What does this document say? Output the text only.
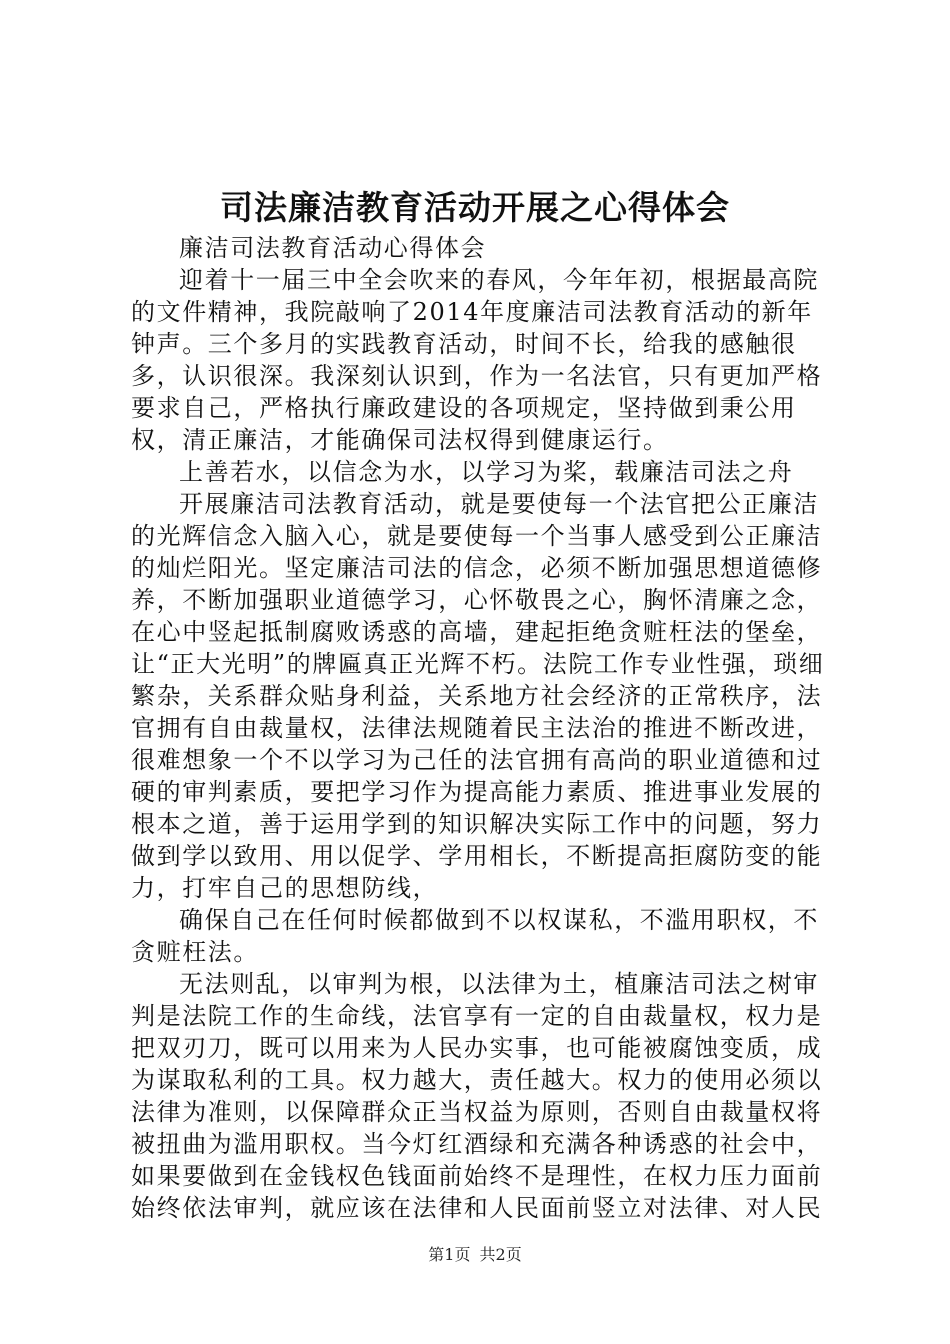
司法廉洁教育活动开展之心得体会

廉洁司法教育活动心得体会

迎着十一届三中全会吹来的春风，今年年初，根据最高院的文件精神，我院敲响了2014年度廉洁司法教育活动的新年钟声。三个多月的实践教育活动，时间不长，给我的感触很多，认识很深。我深刻认识到，作为一名法官，只有更加严格要求自己，严格执行廉政建设的各项规定，坚持做到秉公用权，清正廉洁，才能确保司法权得到健康运行。

上善若水，以信念为水，以学习为桨，载廉洁司法之舟

开展廉洁司法教育活动，就是要使每一个法官把公正廉洁的光辉信念入脑入心，就是要使每一个当事人感受到公正廉洁的灿烂阳光。坚定廉洁司法的信念，必须不断加强思想道德修养，不断加强职业道德学习，心怀敬畏之心，胸怀清廉之念，在心中竖起抵制腐败诱惑的高墙，建起拒绝贪赃枉法的堡垒，让“正大光明”的牌匾真正光辉不朽。法院工作专业性强，琐细繁杂，关系群众贴身利益，关系地方社会经济的正常秩序，法官拥有自由裁量权，法律法规随着民主法治的推进不断改进，很难想象一个不以学习为己任的法官拥有高尚的职业道德和过硬的审判素质，要把学习作为提高能力素质、推进事业发展的根本之道，善于运用学到的知识解决实际工作中的问题，努力做到学以致用、用以促学、学用相长，不断提高拒腐防变的能力，打牢自己的思想防线，

确保自己在任何时候都做到不以权谋私，不滥用职权，不贪赃枉法。

无法则乱，以审判为根，以法律为土，植廉洁司法之树审判是法院工作的生命线，法官享有一定的自由裁量权，权力是把双刃刀，既可以用来为人民办实事，也可能被腐蚀变质，成为谋取私利的工具。权力越大，责任越大。权力的使用必须以法律为准则，以保障群众正当权益为原则，否则自由裁量权将被扭曲为滥用职权。当今灯红酒绿和充满各种诱惑的社会中，如果要做到在金钱权色钱面前始终不是理性，在权力压力面前始终依法审判，就应该在法律和人民面前竖立对法律、对人民

第1页 共2页
